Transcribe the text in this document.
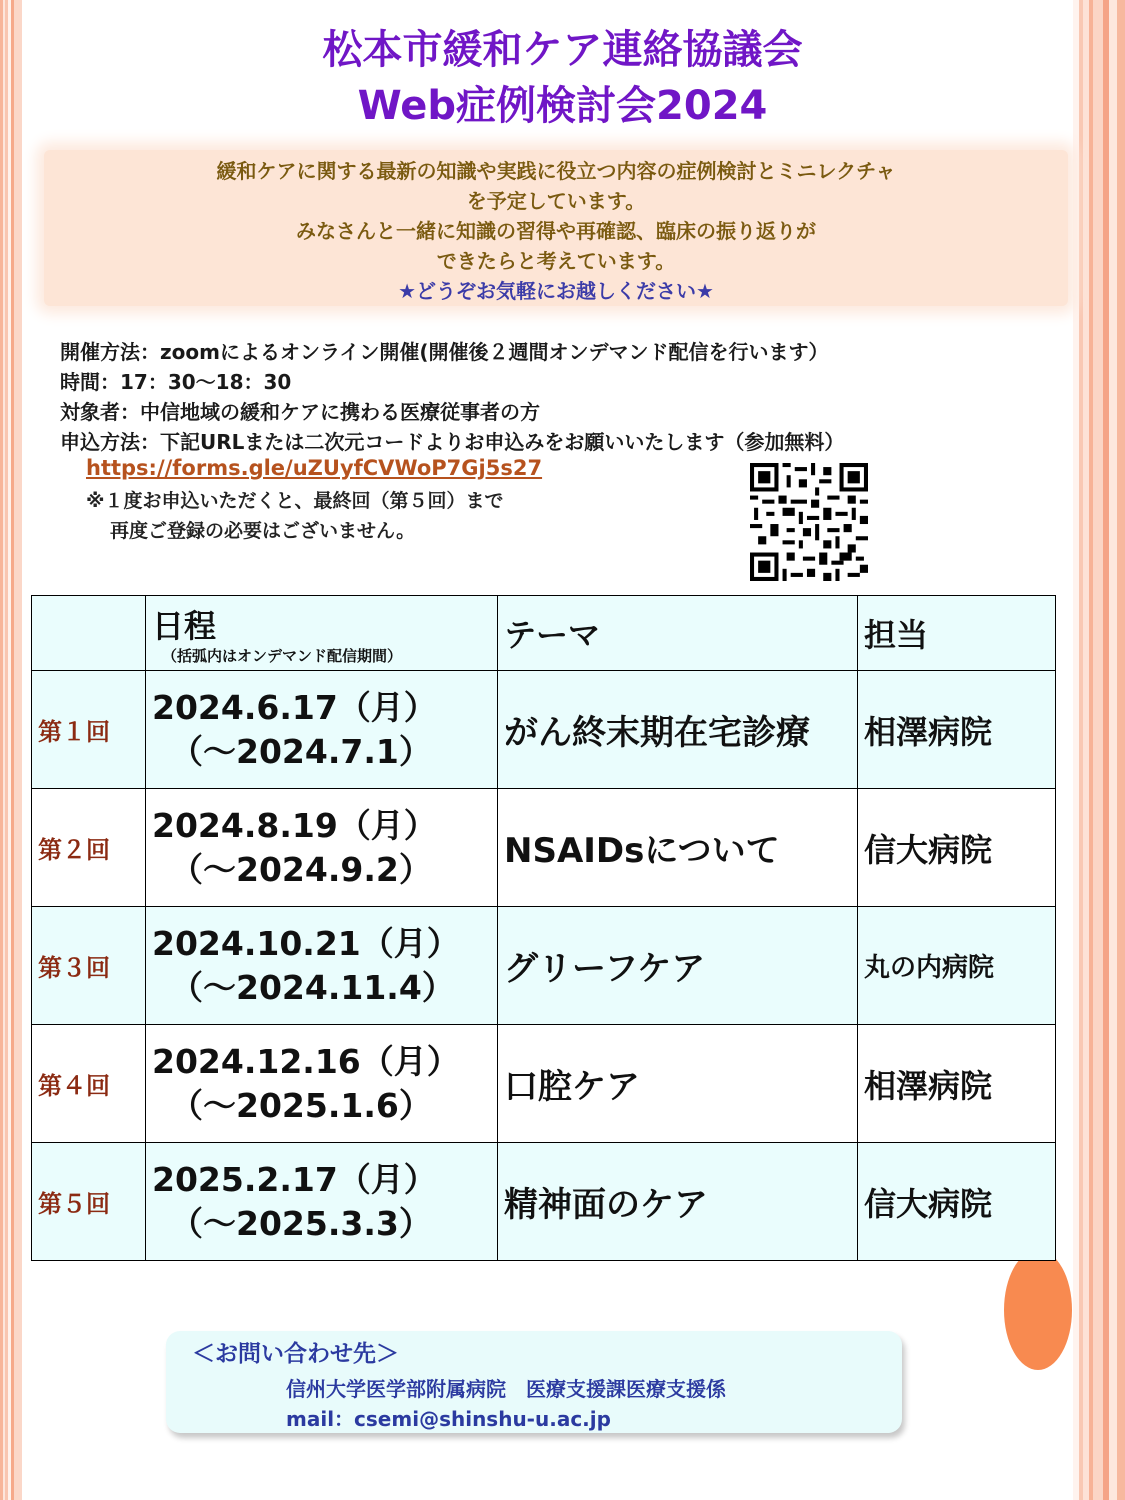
松本市緩和ケア連絡協議会
Web症例検討会2024
緩和ケアに関する最新の知識や実践に役立つ内容の症例検討とミニレクチャ
を予定しています。
みなさんと一緒に知識の習得や再確認、臨床の振り返りが
できたらと考えています。
★どうぞお気軽にお越しください★
開催方法：zoomによるオンライン開催(開催後２週間オンデマンド配信を行います）
時間：17：30～18：30
対象者：中信地域の緩和ケアに携わる医療従事者の方
申込方法：下記URLまたは二次元コードよりお申込みをお願いいたします（参加無料）
https://forms.gle/uZUyfCVWoP7Gj5s27
※１度お申込いただくと、最終回（第５回）まで
再度ご登録の必要はございません。
	日程
（括弧内はオンデマンド配信期間）	テーマ	担当
第１回	2024.6.17（月）
（～2024.7.1）	がん終末期在宅診療	相澤病院
第２回	2024.8.19（月）
（～2024.9.2）	NSAIDsについて	信大病院
第３回	2024.10.21（月）
（～2024.11.4）	グリーフケア	丸の内病院
第４回	2024.12.16（月）
（～2025.1.6）	口腔ケア	相澤病院
第５回	2025.2.17（月）
（～2025.3.3）	精神面のケア	信大病院
＜お問い合わせ先＞
信州大学医学部附属病院　医療支援課医療支援係
mail：csemi@shinshu-u.ac.jp
